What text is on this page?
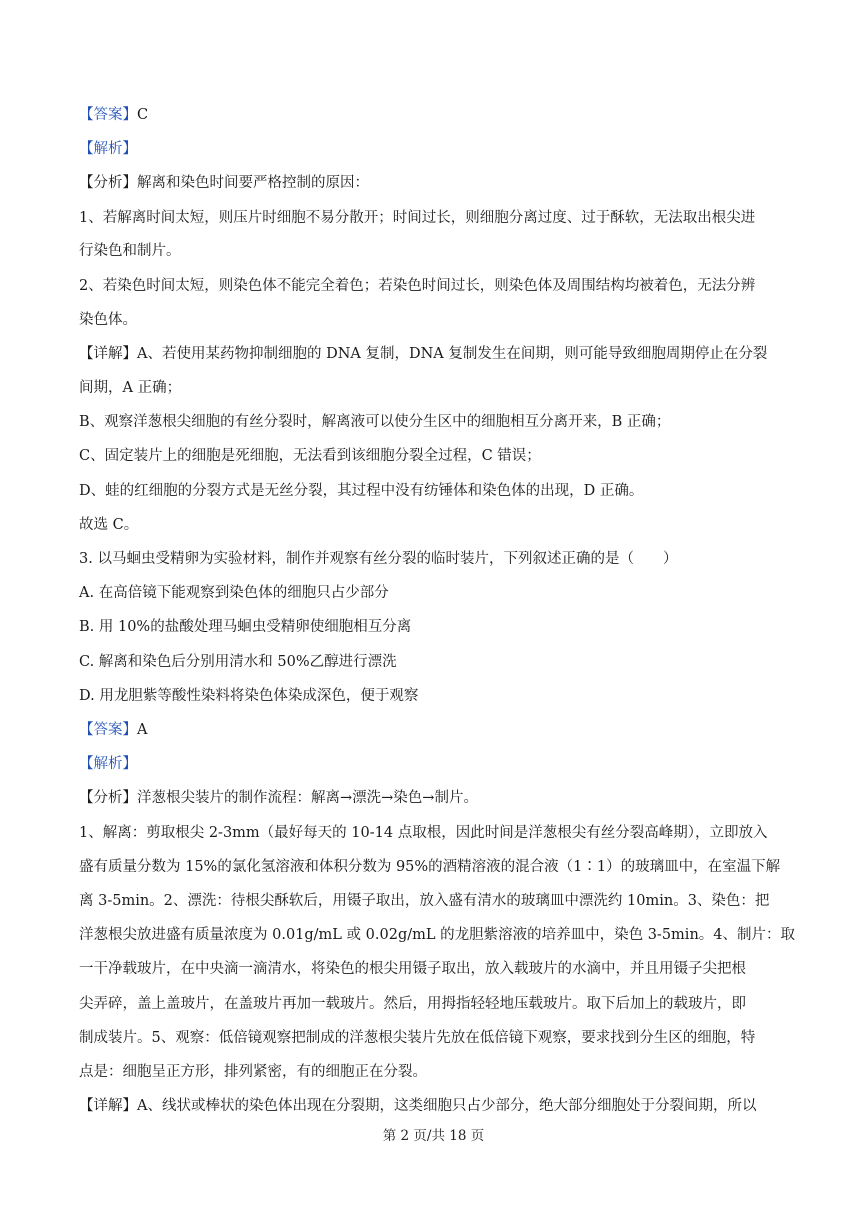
【答案】C
【解析】
【分析】解离和染色时间要严格控制的原因：
1、若解离时间太短，则压片时细胞不易分散开；时间过长，则细胞分离过度、过于酥软，无法取出根尖进
行染色和制片。
2、若染色时间太短，则染色体不能完全着色；若染色时间过长，则染色体及周围结构均被着色，无法分辨
染色体。
【详解】A、若使用某药物抑制细胞的 DNA 复制，DNA 复制发生在间期，则可能导致细胞周期停止在分裂
间期，A 正确；
B、观察洋葱根尖细胞的有丝分裂时，解离液可以使分生区中的细胞相互分离开来，B 正确；
C、固定装片上的细胞是死细胞，无法看到该细胞分裂全过程，C 错误；
D、蛙的红细胞的分裂方式是无丝分裂，其过程中没有纺锤体和染色体的出现，D 正确。
故选 C。
3. 以马蛔虫受精卵为实验材料，制作并观察有丝分裂的临时装片，下列叙述正确的是（　　）
A. 在高倍镜下能观察到染色体的细胞只占少部分
B. 用 10%的盐酸处理马蛔虫受精卵使细胞相互分离
C. 解离和染色后分别用清水和 50%乙醇进行漂洗
D. 用龙胆紫等酸性染料将染色体染成深色，便于观察
【答案】A
【解析】
【分析】洋葱根尖装片的制作流程：解离→漂洗→染色→制片。
1、解离：剪取根尖 2-3mm（最好每天的 10-14 点取根，因此时间是洋葱根尖有丝分裂高峰期），立即放入
盛有质量分数为 15%的氯化氢溶液和体积分数为 95%的酒精溶液的混合液（1∶1）的玻璃皿中，在室温下解
离 3-5min。2、漂洗：待根尖酥软后，用镊子取出，放入盛有清水的玻璃皿中漂洗约 10min。3、染色：把
洋葱根尖放进盛有质量浓度为 0.01g/mL 或 0.02g/mL 的龙胆紫溶液的培养皿中，染色 3-5min。4、制片：取
一干净载玻片，在中央滴一滴清水，将染色的根尖用镊子取出，放入载玻片的水滴中，并且用镊子尖把根
尖弄碎，盖上盖玻片，在盖玻片再加一载玻片。然后，用拇指轻轻地压载玻片。取下后加上的载玻片，即
制成装片。5、观察：低倍镜观察把制成的洋葱根尖装片先放在低倍镜下观察，要求找到分生区的细胞，特
点是：细胞呈正方形，排列紧密，有的细胞正在分裂。
【详解】A、线状或棒状的染色体出现在分裂期，这类细胞只占少部分，绝大部分细胞处于分裂间期，所以
第 2 页/共 18 页
